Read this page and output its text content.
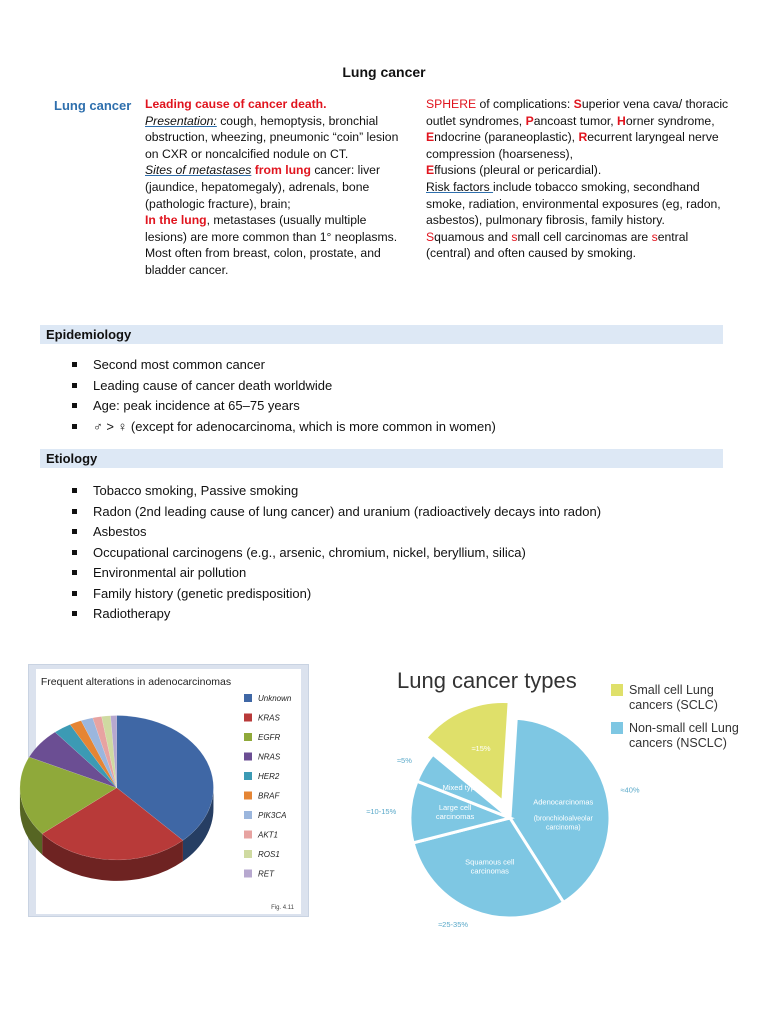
Lung cancer
Lung cancer Leading cause of cancer death.
Presentation: cough, hemoptysis, bronchial obstruction, wheezing, pneumonic “coin” lesion on CXR or noncalcified nodule on CT.
Sites of metastases from lung cancer: liver (jaundice, hepatomegaly), adrenals, bone (pathologic fracture), brain;
In the lung, metastases (usually multiple lesions) are more common than 1° neoplasms. Most often from breast, colon, prostate, and bladder cancer.
SPHERE of complications: Superior vena cava/ thoracic outlet syndromes, Pancoast tumor, Horner syndrome, Endocrine (paraneoplastic), Recurrent laryngeal nerve compression (hoarseness),
Effusions (pleural or pericardial).
Risk factors include tobacco smoking, secondhand smoke, radiation, environmental exposures (eg, radon, asbestos), pulmonary fibrosis, family history.
Squamous and small cell carcinomas are sentral (central) and often caused by smoking.
Epidemiology
Second most common cancer
Leading cause of cancer death worldwide
Age: peak incidence at 65–75 years
♂ > ♀ (except for adenocarcinoma, which is more common in women)
Etiology
Tobacco smoking, Passive smoking
Radon (2nd leading cause of lung cancer) and uranium (radioactively decays into radon)
Asbestos
Occupational carcinogens (e.g., arsenic, chromium, nickel, beryllium, silica)
Environmental air pollution
Family history (genetic predisposition)
Radiotherapy
Frequent alterations in adenocarcinomas
Unknown
KRAS
EGFR
NRAS
HER2
BRAF
PIK3CA
AKT1
ROS1
RET
Fig. 4.11
Lung cancer types
≈15%
Adenocarcinomas
(bronchioloalveolar carcinoma)
≈40%
Squamous cell carcinomas
≈25-35%
Large cell carcinomas
≈10-15%
Mixed types
≈5%
Small cell Lung cancers (SCLC)
Non-small cell Lung cancers (NSCLC)
